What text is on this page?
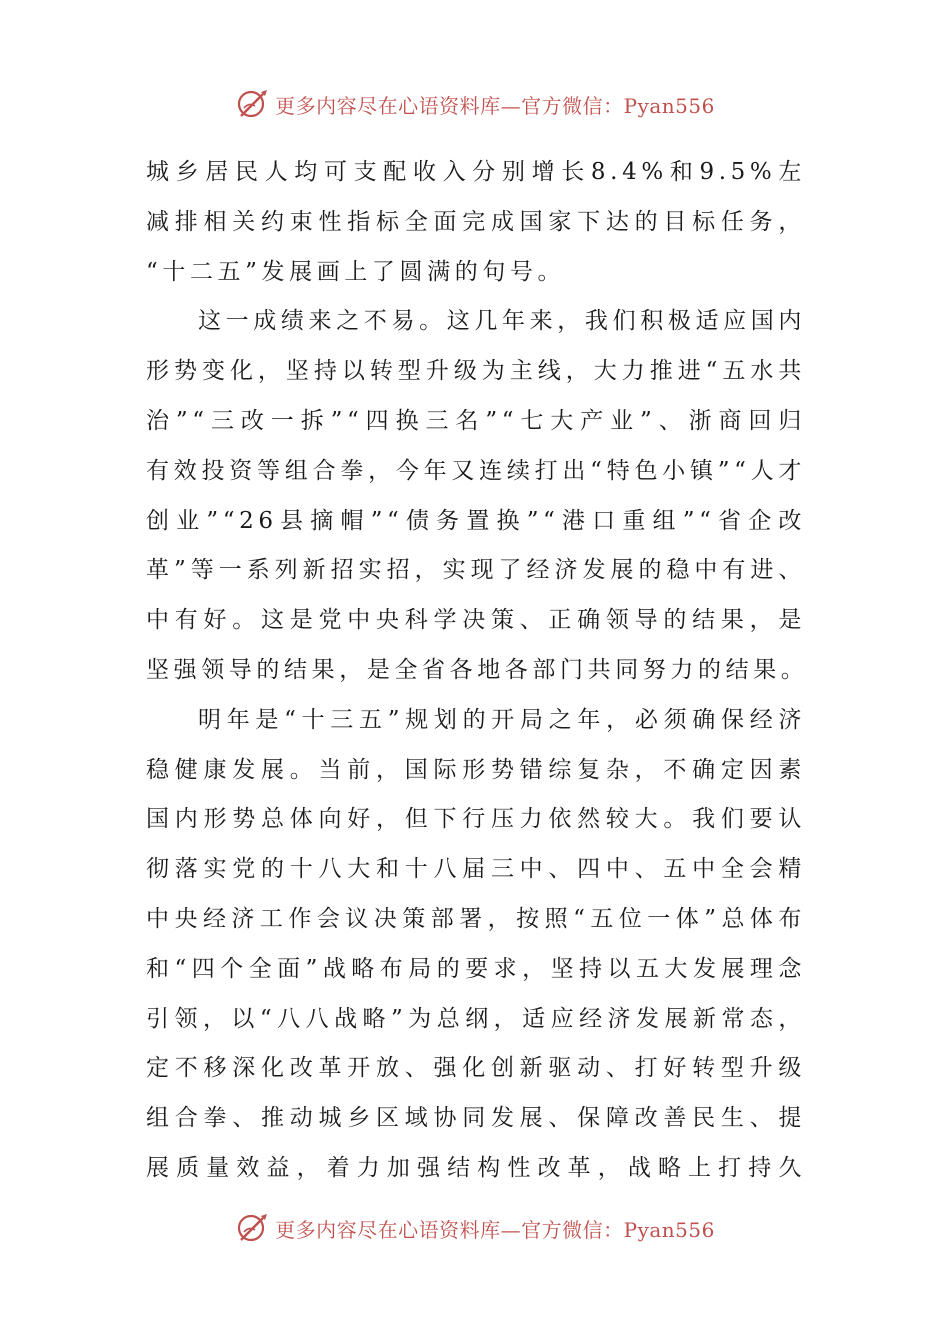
更多内容尽在心语资料库—官方微信：Pyan556
城乡居民人均可支配收入分别增长8.4%和9.5%左
减排相关约束性指标全面完成国家下达的目标任务，
“十二五”发展画上了圆满的句号。
这一成绩来之不易。这几年来，我们积极适应国内
形势变化，坚持以转型升级为主线，大力推进“五水共
治”“三改一拆”“四换三名”“七大产业”、浙商回归
有效投资等组合拳，今年又连续打出“特色小镇”“人才
创业”“26县摘帽”“债务置换”“港口重组”“省企改
革”等一系列新招实招，实现了经济发展的稳中有进、
中有好。这是党中央科学决策、正确领导的结果，是
坚强领导的结果，是全省各地各部门共同努力的结果。
明年是“十三五”规划的开局之年，必须确保经济
稳健康发展。当前，国际形势错综复杂，不确定因素
国内形势总体向好，但下行压力依然较大。我们要认
彻落实党的十八大和十八届三中、四中、五中全会精
中央经济工作会议决策部署，按照“五位一体”总体布
和“四个全面”战略布局的要求，坚持以五大发展理念
引领，以“八八战略”为总纲，适应经济发展新常态，
定不移深化改革开放、强化创新驱动、打好转型升级
组合拳、推动城乡区域协同发展、保障改善民生、提
展质量效益，着力加强结构性改革，战略上打持久
更多内容尽在心语资料库—官方微信：Pyan556
